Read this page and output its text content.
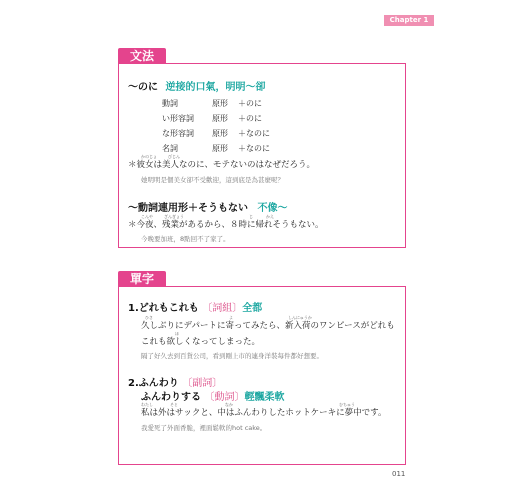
Chapter 1
文法
～のに 逆接的口氣，明明～卻
動詞	原形	＋のに
い形容詞	原形	＋のに
な形容詞	原形	＋なのに
名詞	原形	＋なのに
かのじょ	びじん
＊彼女は美人なのに、モテないのはなぜだろう。
她明明是個美女卻不受歡迎，這到底是為甚麼呢？
～動詞連用形＋そうもない 不像～
こんや	ざんぎょう	じ	かえ
＊今夜、残業があるから、８時に帰れそうもない。
今晚要加班，8點回不了家了。
單字
1.どれもこれも 〔詞組〕全都
ひさ	よ	しんにゅうか
久しぶりにデパートに寄ってみたら、新入荷のワンピースがどれも
ほ
これも欲しくなってしまった。
隔了好久去到百貨公司，看到剛上市的連身洋裝每件都好想要。
2.ふんわり 〔副詞〕
ふんわりする 〔動詞〕輕飄柔軟
わたし	そと	なか	むちゅう
私は外はサックと、中はふんわりしたホットケーキに夢中です。
我愛死了外面香脆，裡面鬆軟的hot cake。
011
